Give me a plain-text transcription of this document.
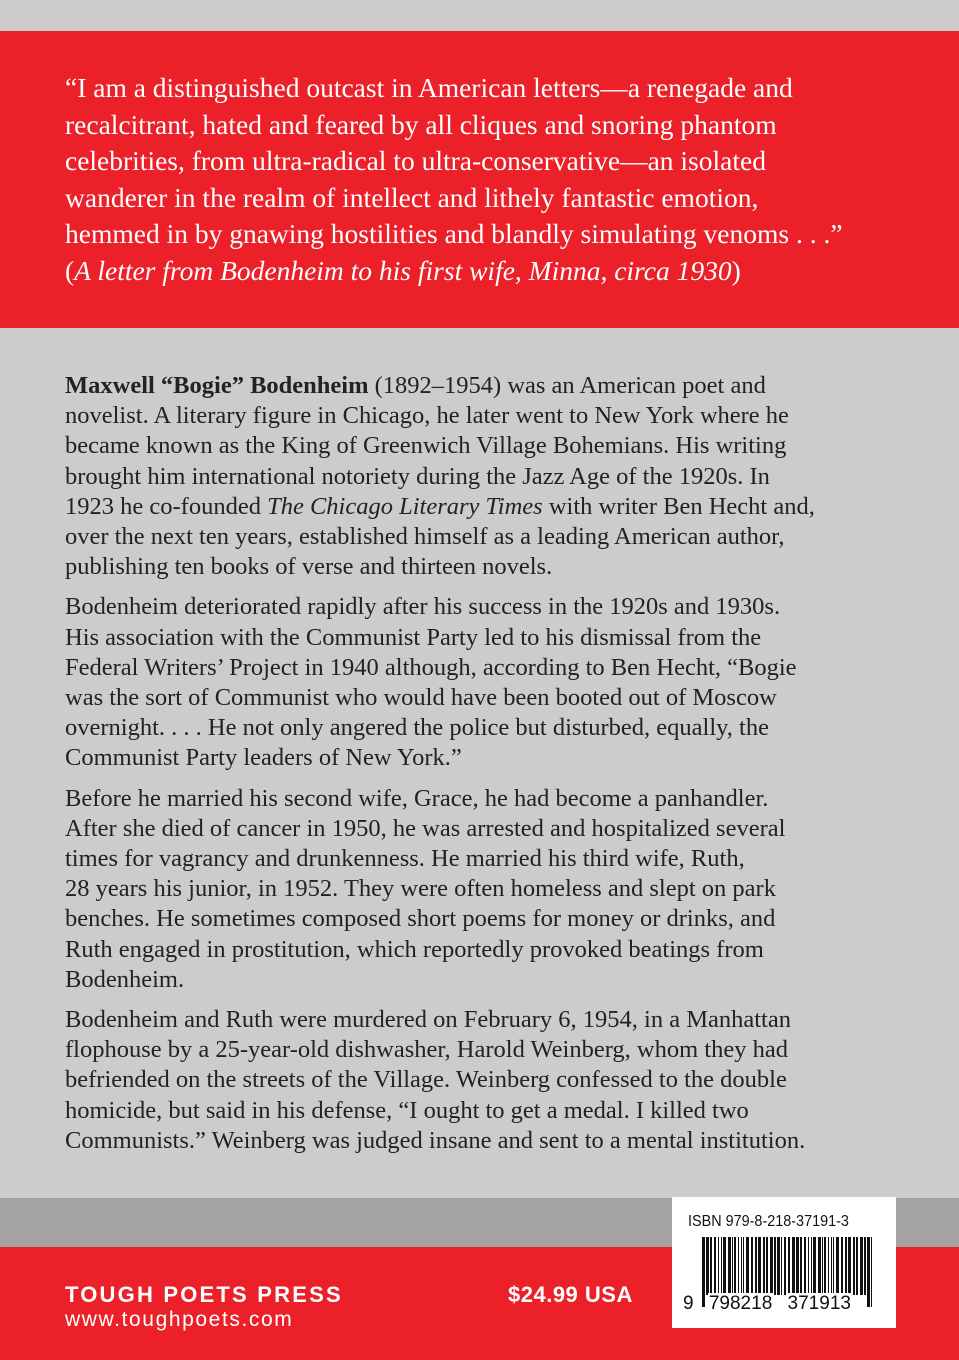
“I am a distinguished outcast in American letters—a renegade and
recalcitrant, hated and feared by all cliques and snoring phantom
celebrities, from ultra-radical to ultra-conservative—an isolated
wanderer in the realm of intellect and lithely fantastic emotion,
hemmed in by gnawing hostilities and blandly simulating venoms . . .”
(A letter from Bodenheim to his first wife, Minna, circa 1930)
Maxwell “Bogie” Bodenheim (1892–1954) was an American poet and
novelist. A literary figure in Chicago, he later went to New York where he
became known as the King of Greenwich Village Bohemians. His writing
brought him international notoriety during the Jazz Age of the 1920s. In
1923 he co-founded The Chicago Literary Times with writer Ben Hecht and,
over the next ten years, established himself as a leading American author,
publishing ten books of verse and thirteen novels.
Bodenheim deteriorated rapidly after his success in the 1920s and 1930s.
His association with the Communist Party led to his dismissal from the
Federal Writers’ Project in 1940 although, according to Ben Hecht, “Bogie
was the sort of Communist who would have been booted out of Moscow
overnight. . . . He not only angered the police but disturbed, equally, the
Communist Party leaders of New York.”
Before he married his second wife, Grace, he had become a panhandler.
After she died of cancer in 1950, he was arrested and hospitalized several
times for vagrancy and drunkenness. He married his third wife, Ruth,
28 years his junior, in 1952. They were often homeless and slept on park
benches. He sometimes composed short poems for money or drinks, and
Ruth engaged in prostitution, which reportedly provoked beatings from
Bodenheim.
Bodenheim and Ruth were murdered on February 6, 1954, in a Manhattan
flophouse by a 25-year-old dishwasher, Harold Weinberg, whom they had
befriended on the streets of the Village. Weinberg confessed to the double
homicide, but said in his defense, “I ought to get a medal. I killed two
Communists.” Weinberg was judged insane and sent to a mental institution.
TOUGH POETS PRESS
www.toughpoets.com
$24.99 USA
ISBN 979-8-218-37191-3
9 798218 371913
